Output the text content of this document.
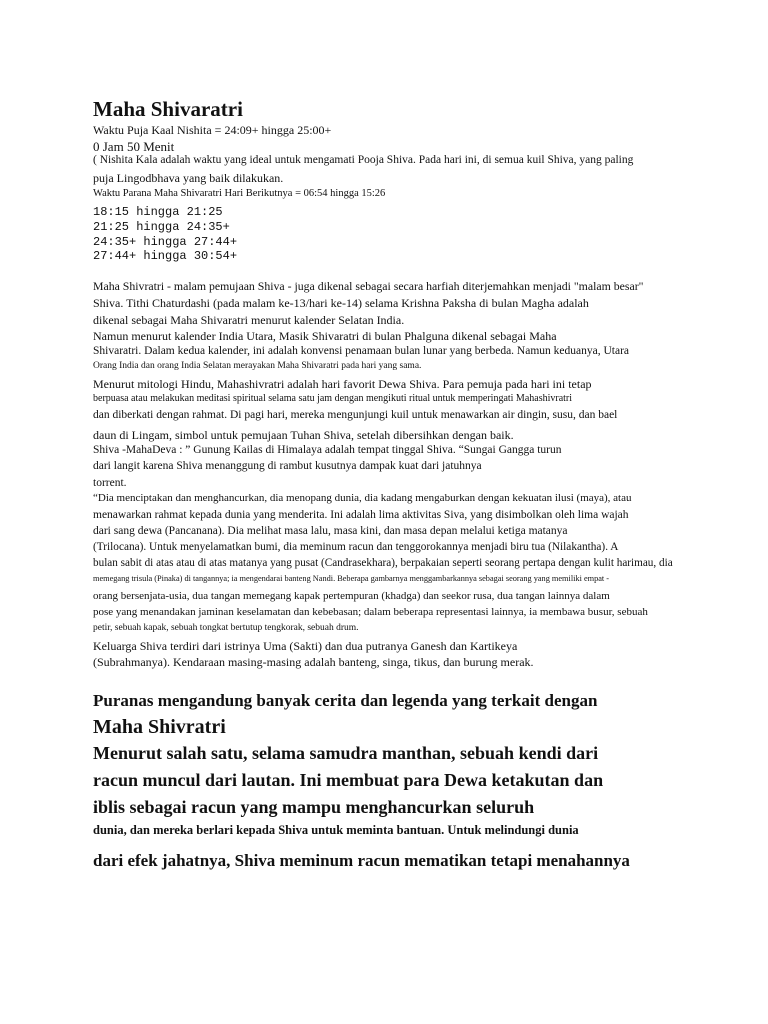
Maha Shivaratri
Waktu Puja Kaal Nishita = 24:09+ hingga 25:00+
0 Jam 50 Menit
( Nishita Kala adalah waktu yang ideal untuk mengamati Pooja Shiva. Pada hari ini, di semua kuil Shiva, yang paling
puja Lingodbhava yang baik dilakukan.
Waktu Parana Maha Shivaratri Hari Berikutnya = 06:54 hingga 15:26
18:15 hingga 21:25
21:25 hingga 24:35+
24:35+ hingga 27:44+
27:44+ hingga 30:54+
Maha Shivratri - malam pemujaan Shiva - juga dikenal sebagai secara harfiah diterjemahkan menjadi "malam besar"
Shiva. Tithi Chaturdashi (pada malam ke-13/hari ke-14) selama Krishna Paksha di bulan Magha adalah
dikenal sebagai Maha Shivaratri menurut kalender Selatan India.
Namun menurut kalender India Utara, Masik Shivaratri di bulan Phalguna dikenal sebagai Maha
Shivaratri. Dalam kedua kalender, ini adalah konvensi penamaan bulan lunar yang berbeda. Namun keduanya, Utara
Orang India dan orang India Selatan merayakan Maha Shivaratri pada hari yang sama.
Menurut mitologi Hindu, Mahashivratri adalah hari favorit Dewa Shiva. Para pemuja pada hari ini tetap
berpuasa atau melakukan meditasi spiritual selama satu jam dengan mengikuti ritual untuk memperingati Mahashivratri
dan diberkati dengan rahmat. Di pagi hari, mereka mengunjungi kuil untuk menawarkan air dingin, susu, dan bael
daun di Lingam, simbol untuk pemujaan Tuhan Shiva, setelah dibersihkan dengan baik.
Shiva -MahaDeva : ” Gunung Kailas di Himalaya adalah tempat tinggal Shiva. “Sungai Gangga turun
dari langit karena Shiva menanggung di rambut kusutnya dampak kuat dari jatuhnya
torrent.
“Dia menciptakan dan menghancurkan, dia menopang dunia, dia kadang mengaburkan dengan kekuatan ilusi (maya), atau
menawarkan rahmat kepada dunia yang menderita. Ini adalah lima aktivitas Siva, yang disimbolkan oleh lima wajah
dari sang dewa (Pancanana). Dia melihat masa lalu, masa kini, dan masa depan melalui ketiga matanya
(Trilocana). Untuk menyelamatkan bumi, dia meminum racun dan tenggorokannya menjadi biru tua (Nilakantha). A
bulan sabit di atas atau di atas matanya yang pusat (Candrasekhara), berpakaian seperti seorang pertapa dengan kulit harimau, dia
memegang trisula (Pinaka) di tangannya; ia mengendarai banteng Nandi. Beberapa gambarnya menggambarkannya sebagai seorang yang memiliki empat -
orang bersenjata-usia, dua tangan memegang kapak pertempuran (khadga) dan seekor rusa, dua tangan lainnya dalam
pose yang menandakan jaminan keselamatan dan kebebasan; dalam beberapa representasi lainnya, ia membawa busur, sebuah
petir, sebuah kapak, sebuah tongkat bertutup tengkorak, sebuah drum.
Keluarga Shiva terdiri dari istrinya Uma (Sakti) dan dua putranya Ganesh dan Kartikeya
(Subrahmanya). Kendaraan masing-masing adalah banteng, singa, tikus, dan burung merak.
Puranas mengandung banyak cerita dan legenda yang terkait dengan
Maha Shivratri
Menurut salah satu, selama samudra manthan, sebuah kendi dari
racun muncul dari lautan. Ini membuat para Dewa ketakutan dan
iblis sebagai racun yang mampu menghancurkan seluruh
dunia, dan mereka berlari kepada Shiva untuk meminta bantuan. Untuk melindungi dunia
dari efek jahatnya, Shiva meminum racun mematikan tetapi menahannya
